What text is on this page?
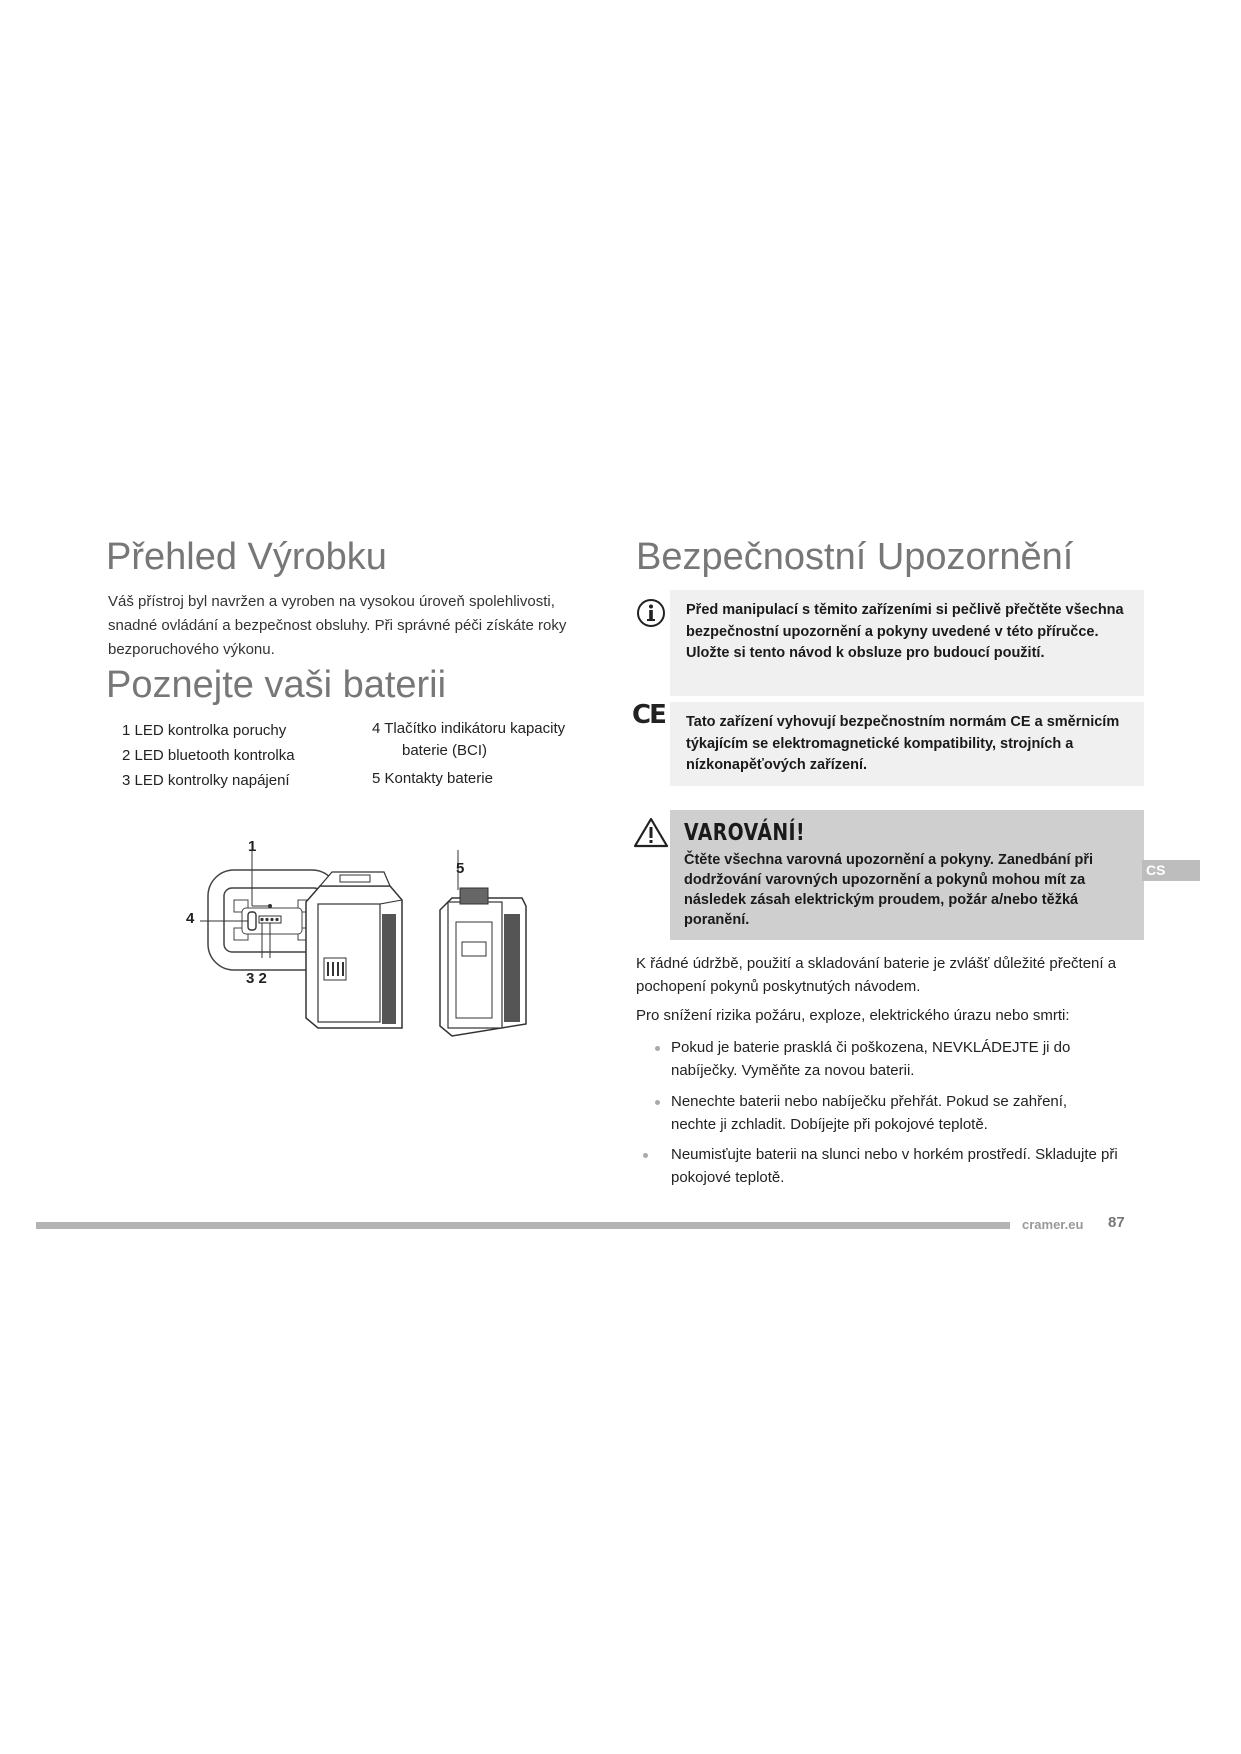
Přehled Výrobku
Váš přístroj byl navržen a vyroben na vysokou úroveň spolehlivosti, snadné ovládání a bezpečnost obsluhy. Při správné péči získáte roky bezporuchového výkonu.
Poznejte vaši baterii
1 LED kontrolka poruchy
2 LED bluetooth kontrolka
3 LED kontrolky napájení
4 Tlačítko indikátoru kapacity
baterie (BCI)
5 Kontakty baterie
1
4
3 2
5
Bezpečnostní Upozornění
Před manipulací s těmito zařízeními si pečlivě přečtěte všechna bezpečnostní upozornění a pokyny uvedené v této příručce. Uložte si tento návod k obsluze pro budoucí použití.
CE	Tato zařízení vyhovují bezpečnostním normám CE a směrnicím týkajícím se elektromagnetické kompatibility, strojních a nízkonapěťových zařízení.
VAROVÁNÍ!
Čtěte všechna varovná upozornění a pokyny. Zanedbání při dodržování varovných upozornění a pokynů mohou mít za následek zásah elektrickým proudem, požár a/nebo těžká poranění.
CS
K řádné údržbě, použití a skladování baterie je zvlášť důležité přečtení a pochopení pokynů poskytnutých návodem.
Pro snížení rizika požáru, exploze, elektrického úrazu nebo smrti:
Pokud je baterie prasklá či poškozena, NEVKLÁDEJTE ji do nabíječky. Vyměňte za novou baterii.
Nenechte baterii nebo nabíječku přehřát. Pokud se zahření, nechte ji zchladit. Dobíjejte při pokojové teplotě.
Neumisťujte baterii na slunci nebo v horkém prostředí. Skladujte při pokojové teplotě.
cramer.eu 87
